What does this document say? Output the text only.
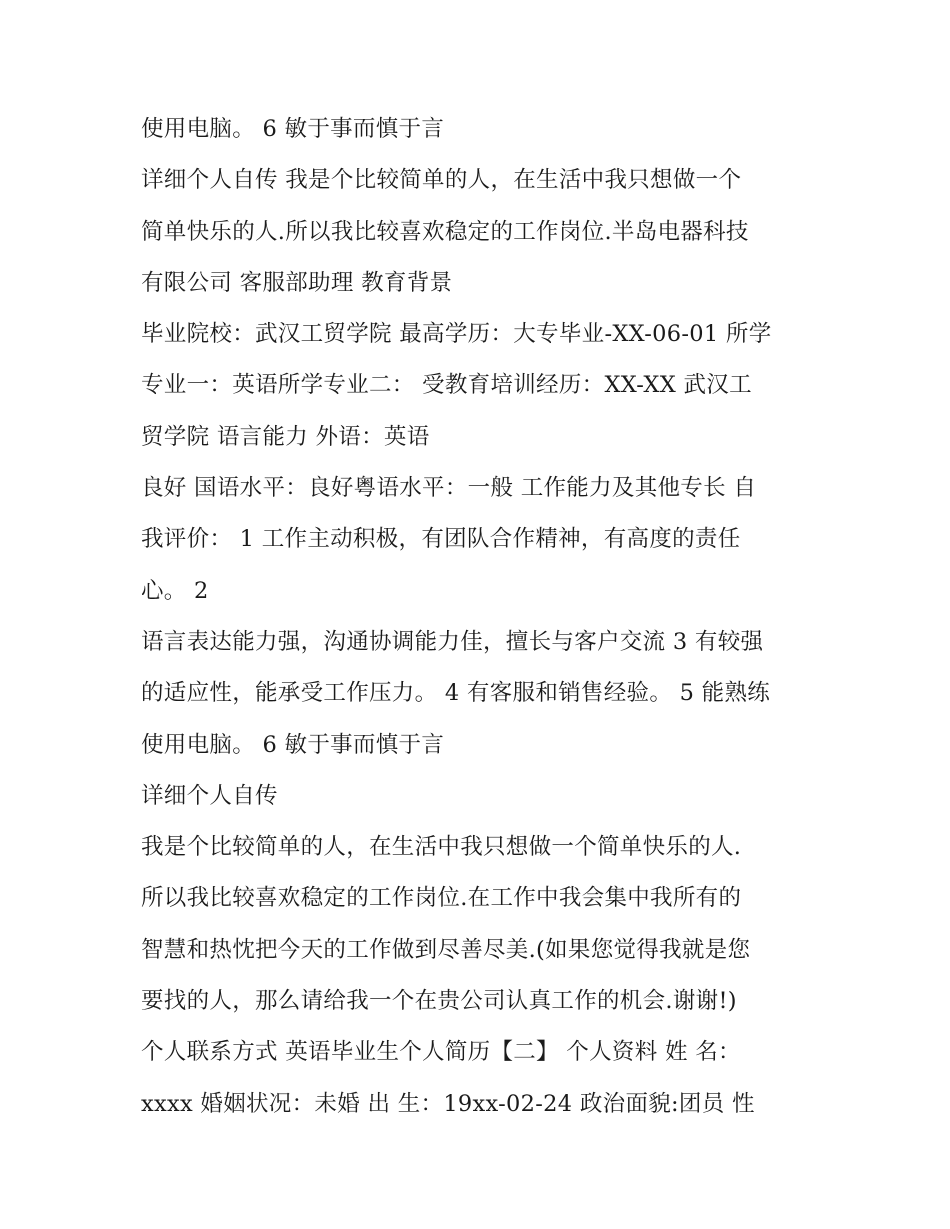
使用电脑。 6 敏于事而慎于言
详细个人自传 我是个比较简单的人，在生活中我只想做一个
简单快乐的人.所以我比较喜欢稳定的工作岗位.半岛电器科技
有限公司 客服部助理 教育背景
毕业院校：武汉工贸学院 最高学历：大专毕业-XX-06-01 所学
专业一：英语所学专业二： 受教育培训经历：XX-XX 武汉工
贸学院 语言能力 外语：英语
良好 国语水平：良好粤语水平：一般 工作能力及其他专长 自
我评价： 1 工作主动积极，有团队合作精神，有高度的责任
心。 2
语言表达能力强，沟通协调能力佳，擅长与客户交流 3 有较强
的适应性，能承受工作压力。 4 有客服和销售经验。 5 能熟练
使用电脑。 6 敏于事而慎于言
详细个人自传
我是个比较简单的人，在生活中我只想做一个简单快乐的人.
所以我比较喜欢稳定的工作岗位.在工作中我会集中我所有的
智慧和热忱把今天的工作做到尽善尽美.(如果您觉得我就是您
要找的人，那么请给我一个在贵公司认真工作的机会.谢谢!)
个人联系方式 英语毕业生个人简历【二】 个人资料 姓 名：
xxxx 婚姻状况：未婚 出 生：19xx-02-24 政治面貌:团员 性
